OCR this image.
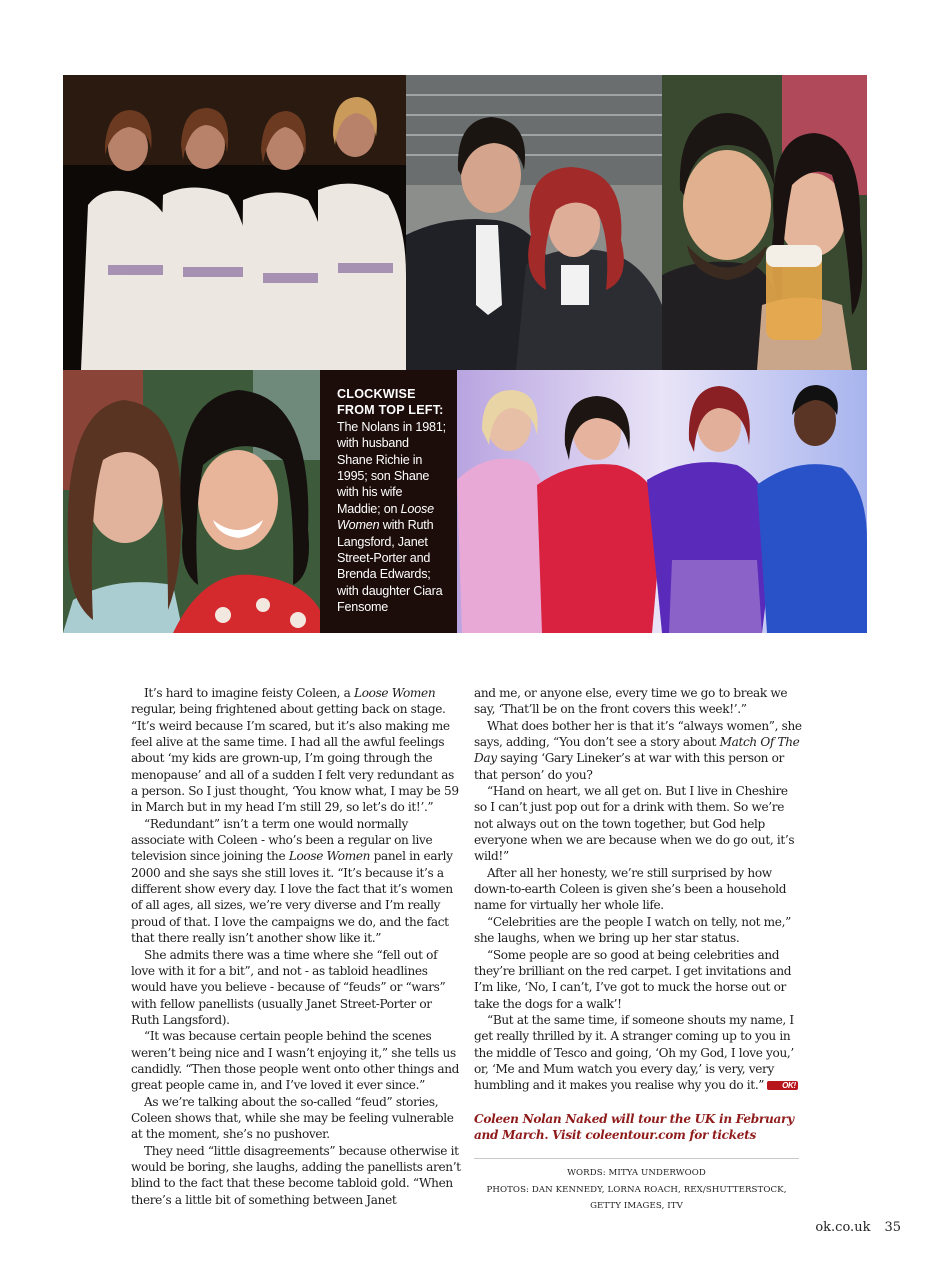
CLOCKWISE FROM TOP LEFT: The Nolans in 1981; with husband Shane Richie in 1995; son Shane with his wife Maddie; on Loose Women with Ruth Langsford, Janet Street-Porter and Brenda Edwards; with daughter Ciara Fensome

It’s hard to imagine feisty Coleen, a Loose Women regular, being frightened about getting back on stage. “It’s weird because I’m scared, but it’s also making me feel alive at the same time. I had all the awful feelings about ‘my kids are grown-up, I’m going through the menopause’ and all of a sudden I felt very redundant as a person. So I just thought, ‘You know what, I may be 59 in March but in my head I’m still 29, so let’s do it!’.”

“Redundant” isn’t a term one would normally associate with Coleen - who’s been a regular on live television since joining the Loose Women panel in early 2000 and she says she still loves it. “It’s because it’s a different show every day. I love the fact that it’s women of all ages, all sizes, we’re very diverse and I’m really proud of that. I love the campaigns we do, and the fact that there really isn’t another show like it.”

She admits there was a time where she “fell out of love with it for a bit”, and not - as tabloid headlines would have you believe - because of “feuds” or “wars” with fellow panellists (usually Janet Street-Porter or Ruth Langsford).

“It was because certain people behind the scenes weren’t being nice and I wasn’t enjoying it,” she tells us candidly. “Then those people went onto other things and great people came in, and I’ve loved it ever since.”

As we’re talking about the so-called “feud” stories, Coleen shows that, while she may be feeling vulnerable at the moment, she’s no pushover.

They need “little disagreements” because otherwise it would be boring, she laughs, adding the panellists aren’t blind to the fact that these become tabloid gold. “When there’s a little bit of something between Janet

and me, or anyone else, every time we go to break we say, ‘That’ll be on the front covers this week!’.”

What does bother her is that it’s “always women”, she says, adding, “You don’t see a story about Match Of The Day saying ‘Gary Lineker’s at war with this person or that person’ do you?

“Hand on heart, we all get on. But I live in Cheshire so I can’t just pop out for a drink with them. So we’re not always out on the town together, but God help everyone when we are because when we do go out, it’s wild!”

After all her honesty, we’re still surprised by how down-to-earth Coleen is given she’s been a household name for virtually her whole life.

“Celebrities are the people I watch on telly, not me,” she laughs, when we bring up her star status.

“Some people are so good at being celebrities and they’re brilliant on the red carpet. I get invitations and I’m like, ‘No, I can’t, I’ve got to muck the horse out or take the dogs for a walk’!

“But at the same time, if someone shouts my name, I get really thrilled by it. A stranger coming up to you in the middle of Tesco and going, ‘Oh my God, I love you,’ or, ‘Me and Mum watch you every day,’ is very, very humbling and it makes you realise why you do it.” OK!

Coleen Nolan Naked will tour the UK in February and March. Visit coleentour.com for tickets
WORDS: MITYA UNDERWOOD
PHOTOS: DAN KENNEDY, LORNA ROACH, REX/SHUTTERSTOCK, GETTY IMAGES, ITV
ok.co.uk 35
